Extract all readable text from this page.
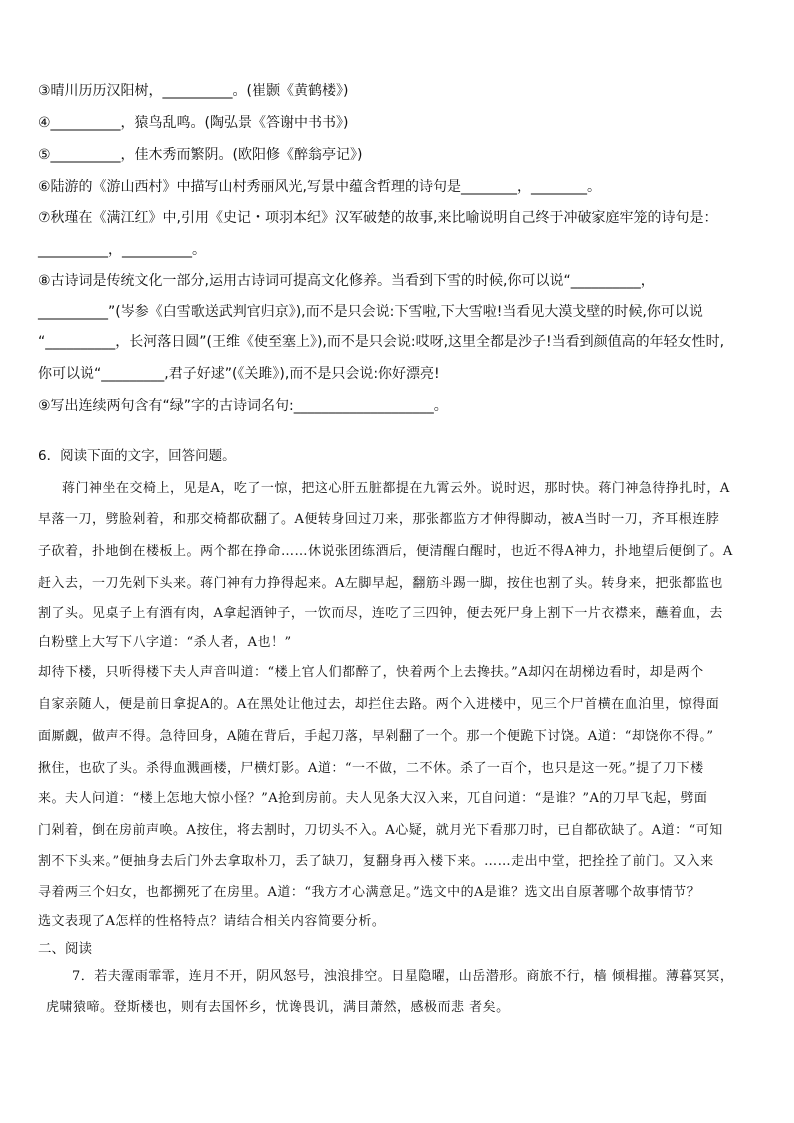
③晴川历历汉阳树，__________。(崔颢《黄鹤楼》)
④__________，猿鸟乱鸣。(陶弘景《答谢中书书》)
⑤__________，佳木秀而繁阴。(欧阳修《醉翁亭记》)
⑥陆游的《游山西村》中描写山村秀丽风光,写景中蕴含哲理的诗句是________，________。
⑦秋瑾在《满江红》中,引用《史记・项羽本纪》汉军破楚的故事,来比喻说明自己终于冲破家庭牢笼的诗句是：
__________，__________。
⑧古诗词是传统文化一部分,运用古诗词可提高文化修养。当看到下雪的时候,你可以说“__________，
__________”(岑参《白雪歌送武判官归京》),而不是只会说:下雪啦,下大雪啦!当看见大漠戈壁的时候,你可以说
“__________，长河落日圆”(王维《使至塞上》),而不是只会说:哎呀,这里全都是沙子!当看到颜值高的年轻女性时,
你可以说“_________,君子好逑”(《关雎》),而不是只会说:你好漂亮!
⑨写出连续两句含有“绿”字的古诗词名句:____________________。
6．阅读下面的文字，回答问题。
蒋门神坐在交椅上，见是A，吃了一惊，把这心肝五脏都提在九霄云外。说时迟，那时快。蒋门神急待挣扎时，A
早落一刀，劈脸剁着，和那交椅都砍翻了。A便转身回过刀来，那张都监方才伸得脚动，被A当时一刀，齐耳根连脖
子砍着，扑地倒在楼板上。两个都在挣命……休说张团练酒后，便清醒白醒时，也近不得A神力，扑地望后便倒了。A
赶入去，一刀先剁下头来。蒋门神有力挣得起来。A左脚早起，翻筋斗踢一脚，按住也割了头。转身来，把张都监也
割了头。见桌子上有酒有肉，A拿起酒钟子，一饮而尽，连吃了三四钟，便去死尸身上割下一片衣襟来，蘸着血，去
白粉壁上大写下八字道：“杀人者，A也！”
却待下楼，只听得楼下夫人声音叫道：“楼上官人们都醉了，快着两个上去搀扶。”A却闪在胡梯边看时，却是两个
自家亲随人，便是前日拿捉A的。A在黑处让他过去，却拦住去路。两个入进楼中，见三个尸首横在血泊里，惊得面
面厮觑，做声不得。急待回身，A随在背后，手起刀落，早剁翻了一个。那一个便跪下讨饶。A道：“却饶你不得。”
揪住，也砍了头。杀得血溅画楼，尸横灯影。A道：“一不做，二不休。杀了一百个，也只是这一死。”提了刀下楼
来。夫人问道：“楼上怎地大惊小怪？”A抢到房前。夫人见条大汉入来，兀自问道：“是谁？”A的刀早飞起，劈面
门剁着，倒在房前声唤。A按住，将去割时，刀切头不入。A心疑，就月光下看那刀时，已自都砍缺了。A道：“可知
割不下头来。”便抽身去后门外去拿取朴刀，丢了缺刀，复翻身再入楼下来。……走出中堂，把拴拴了前门。又入来
寻着两三个妇女，也都搠死了在房里。A道：“我方才心满意足。”选文中的A是谁？选文出自原著哪个故事情节？
选文表现了A怎样的性格特点？请结合相关内容简要分析。
二、阅读
7．若夫霪雨霏霏，连月不开，阴风怒号，浊浪排空。日星隐曜，山岳潜形。商旅不行，樯 倾楫摧。薄暮冥冥，
虎啸猿啼。登斯楼也，则有去国怀乡，忧谗畏讥，满目萧然，感极而悲 者矣。
